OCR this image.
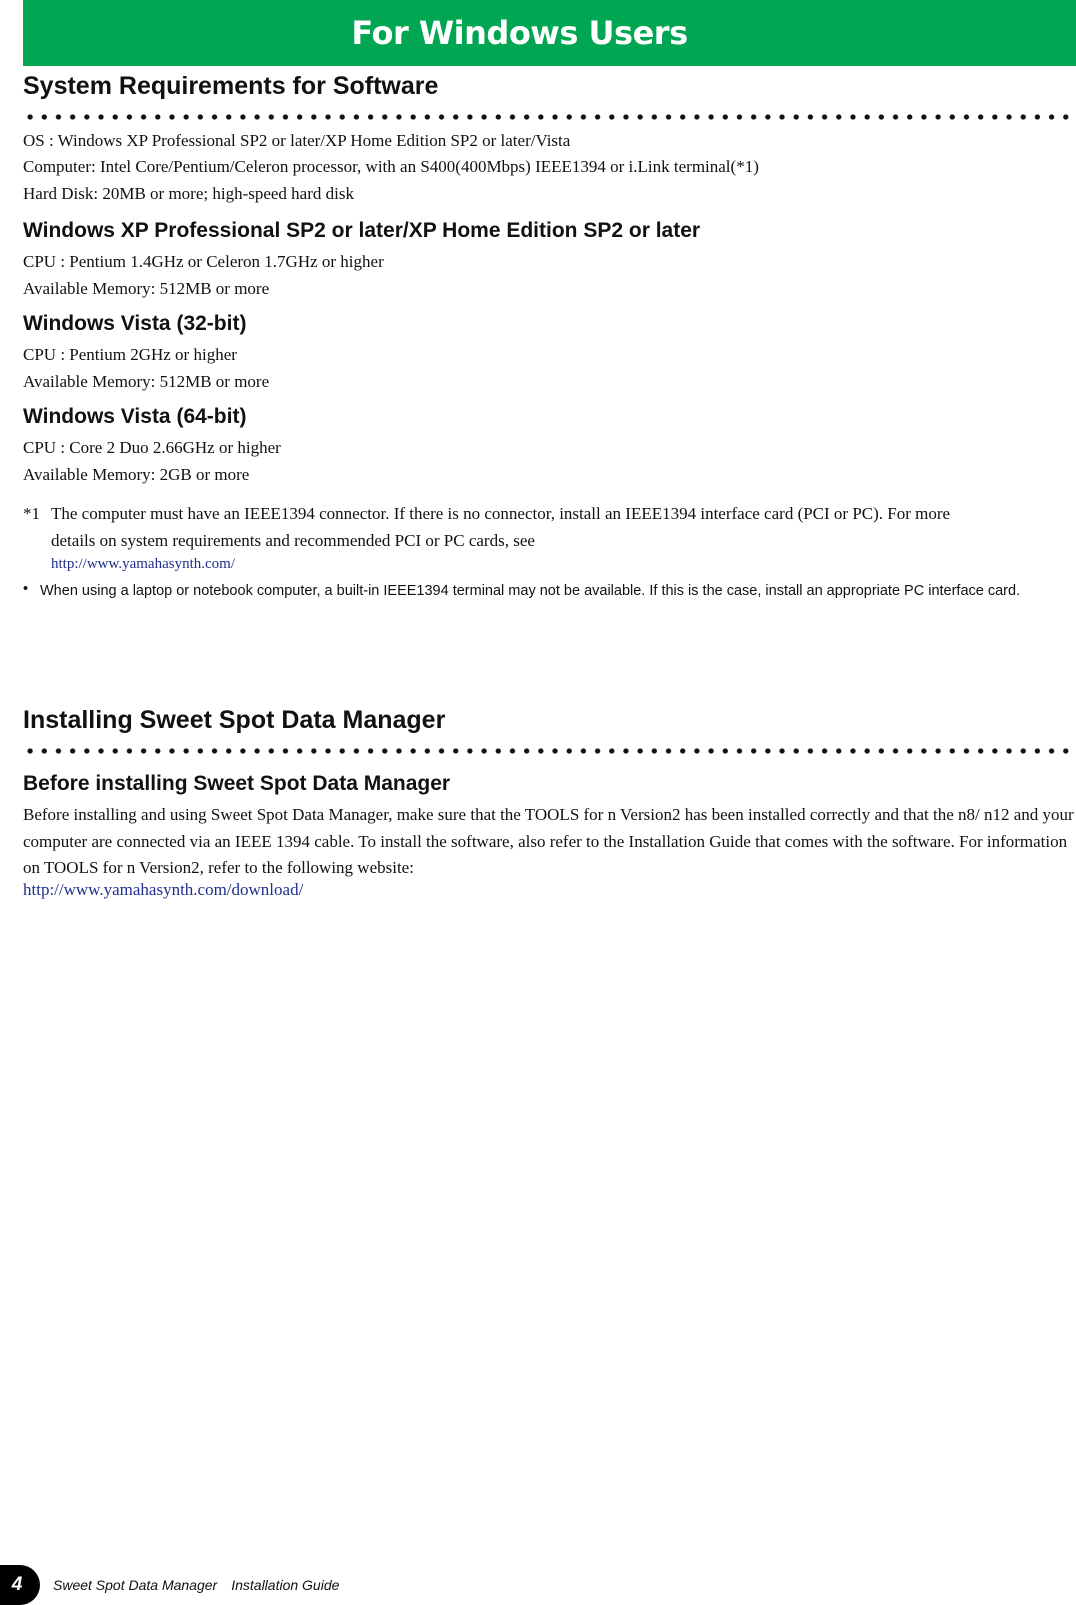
For Windows Users
System Requirements for Software
OS : Windows XP Professional SP2 or later/XP Home Edition SP2 or later/Vista
Computer: Intel Core/Pentium/Celeron processor, with an S400(400Mbps) IEEE1394 or i.Link terminal(*1)
Hard Disk: 20MB or more; high-speed hard disk
Windows XP Professional SP2 or later/XP Home Edition SP2 or later
CPU : Pentium 1.4GHz or Celeron 1.7GHz or higher
Available Memory: 512MB or more
Windows Vista (32-bit)
CPU : Pentium 2GHz or higher
Available Memory: 512MB or more
Windows Vista (64-bit)
CPU : Core 2 Duo 2.66GHz or higher
Available Memory: 2GB or more
*1 The computer must have an IEEE1394 connector. If there is no connector, install an IEEE1394 interface card (PCI or PC). For more
details on system requirements and recommended PCI or PC cards, see
http://www.yamahasynth.com/
• When using a laptop or notebook computer, a built-in IEEE1394 terminal may not be available. If this is the case, install an appropriate PC interface card.
Installing Sweet Spot Data Manager
Before installing Sweet Spot Data Manager
Before installing and using Sweet Spot Data Manager, make sure that the TOOLS for n Version2 has been installed correctly and that the n8/ n12 and your computer are connected via an IEEE 1394 cable. To install the software, also refer to the Installation Guide that comes with the software. For information on TOOLS for n Version2, refer to the following website:
http://www.yamahasynth.com/download/
4	Sweet Spot Data Manager Installation Guide
